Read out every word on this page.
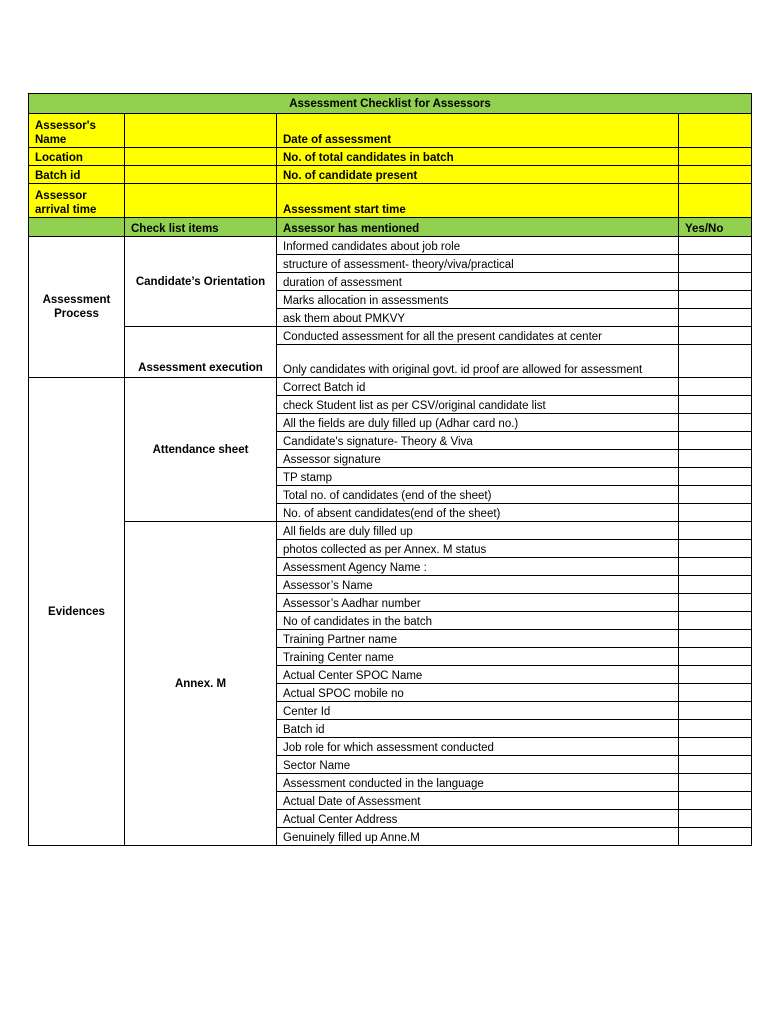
Assessment Checklist for Assessors			
Assessor's Name		Date of assessment	
Location		No. of total candidates in batch	
Batch id		No. of candidate present	
Assessor arrival time		Assessment start time	
	Check list items	Assessor has mentioned	Yes/No
Assessment Process	Candidate’s Orientation	Informed candidates about job role	
		structure of assessment- theory/viva/practical	
		duration of assessment	
		Marks allocation in assessments	
		ask them about PMKVY	
	Assessment execution	Conducted assessment for all the present candidates at center	
		Only candidates with original govt. id proof are allowed for assessment	
Evidences	Attendance sheet	Correct Batch id	
		check Student list as per CSV/original candidate list	
		All the fields are duly filled up (Adhar card no.)	
		Candidate's signature- Theory & Viva	
		Assessor signature	
		TP stamp	
		Total no. of candidates (end of the sheet)	
		No. of absent candidates(end of the sheet)	
	Annex. M	All fields are duly filled up	
		photos collected as per Annex. M status	
		Assessment Agency Name :	
		Assessor’s Name	
		Assessor’s Aadhar number	
		No of candidates in the batch	
		Training Partner name	
		Training Center name	
		Actual Center SPOC Name	
		Actual SPOC mobile no	
		Center Id	
		Batch id	
		Job role for which assessment conducted	
		Sector Name	
		Assessment conducted in the language	
		Actual Date of Assessment	
		Actual Center Address	
		Genuinely filled up Anne.M	
